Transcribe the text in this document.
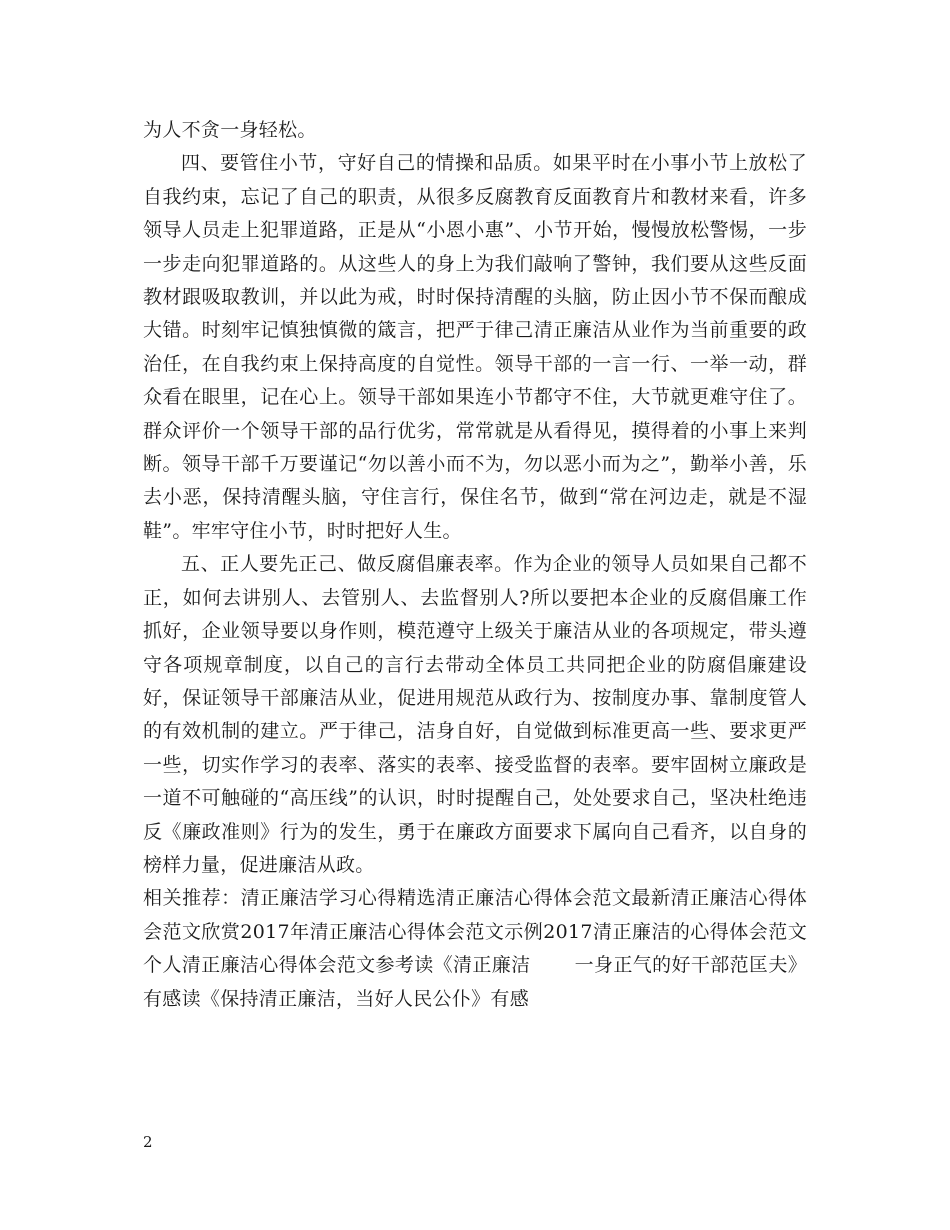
为人不贪一身轻松。

四、要管住小节，守好自己的情操和品质。如果平时在小事小节上放松了自我约束，忘记了自己的职责，从很多反腐教育反面教育片和教材来看，许多领导人员走上犯罪道路，正是从“小恩小惠”、小节开始，慢慢放松警惕，一步一步走向犯罪道路的。从这些人的身上为我们敲响了警钟，我们要从这些反面教材跟吸取教训，并以此为戒，时时保持清醒的头脑，防止因小节不保而酿成大错。时刻牢记慎独慎微的箴言，把严于律己清正廉洁从业作为当前重要的政治任，在自我约束上保持高度的自觉性。领导干部的一言一行、一举一动，群众看在眼里，记在心上。领导干部如果连小节都守不住，大节就更难守住了。群众评价一个领导干部的品行优劣，常常就是从看得见，摸得着的小事上来判断。领导干部千万要谨记“勿以善小而不为，勿以恶小而为之”，勤举小善，乐去小恶，保持清醒头脑，守住言行，保住名节，做到“常在河边走，就是不湿鞋”。牢牢守住小节，时时把好人生。

五、正人要先正己、做反腐倡廉表率。作为企业的领导人员如果自己都不正，如何去讲别人、去管别人、去监督别人?所以要把本企业的反腐倡廉工作抓好，企业领导要以身作则，模范遵守上级关于廉洁从业的各项规定，带头遵守各项规章制度，以自己的言行去带动全体员工共同把企业的防腐倡廉建设好，保证领导干部廉洁从业，促进用规范从政行为、按制度办事、靠制度管人的有效机制的建立。严于律己，洁身自好，自觉做到标准更高一些、要求更严一些，切实作学习的表率、落实的表率、接受监督的表率。要牢固树立廉政是一道不可触碰的“高压线”的认识，时时提醒自己，处处要求自己，坚决杜绝违反《廉政准则》行为的发生，勇于在廉政方面要求下属向自己看齐，以自身的榜样力量，促进廉洁从政。

相关推荐：清正廉洁学习心得精选清正廉洁心得体会范文最新清正廉洁心得体会范文欣赏2017年清正廉洁心得体会范文示例2017清正廉洁的心得体会范文个人清正廉洁心得体会范文参考读《清正廉洁 一身正气的好干部范匡夫》有感读《保持清正廉洁，当好人民公仆》有感

2
